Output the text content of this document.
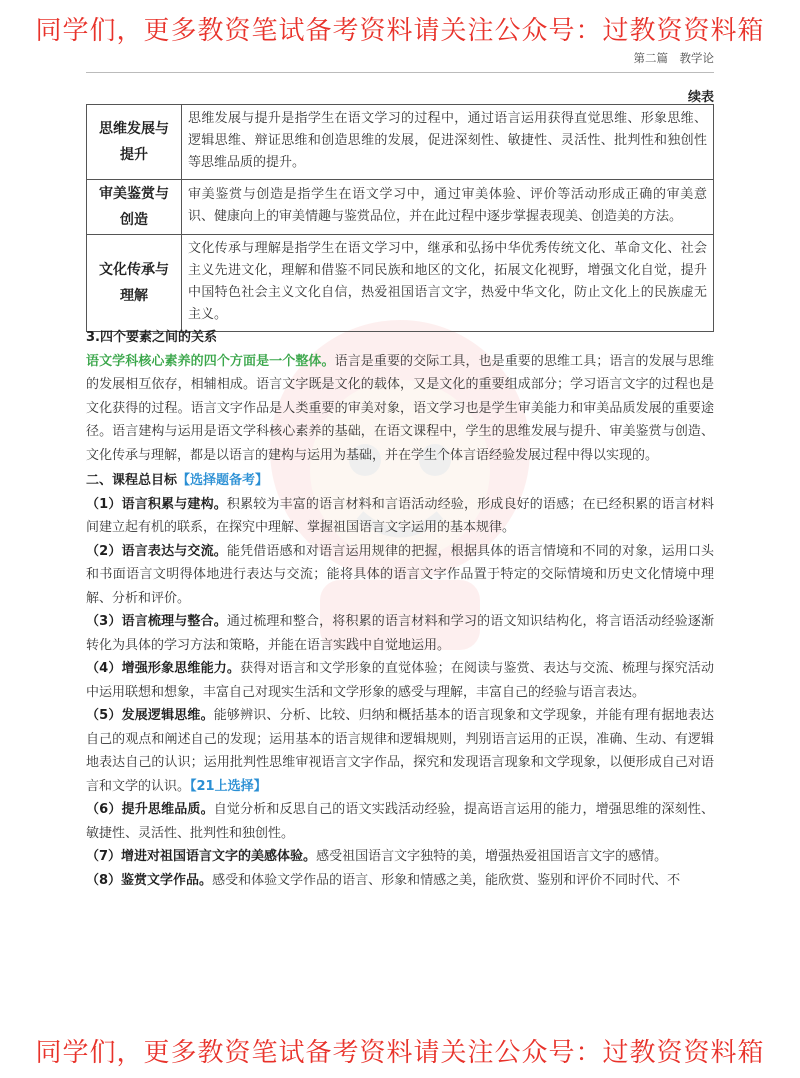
同学们，更多教资笔试备考资料请关注公众号：过教资资料箱
第二篇　教学论
续表
思维发展与
提升	思维发展与提升是指学生在语文学习的过程中，通过语言运用获得直觉思维、形象思维、逻辑思维、辩证思维和创造思维的发展，促进深刻性、敏捷性、灵活性、批判性和独创性等思维品质的提升。
审美鉴赏与
创造	审美鉴赏与创造是指学生在语文学习中，通过审美体验、评价等活动形成正确的审美意识、健康向上的审美情趣与鉴赏品位，并在此过程中逐步掌握表现美、创造美的方法。
文化传承与
理解	文化传承与理解是指学生在语文学习中，继承和弘扬中华优秀传统文化、革命文化、社会主义先进文化，理解和借鉴不同民族和地区的文化，拓展文化视野，增强文化自觉，提升中国特色社会主义文化自信，热爱祖国语言文字，热爱中华文化，防止文化上的民族虚无主义。

3.四个要素之间的关系

语文学科核心素养的四个方面是一个整体。语言是重要的交际工具，也是重要的思维工具；语言的发展与思维的发展相互依存，相辅相成。语言文字既是文化的载体，又是文化的重要组成部分；学习语言文字的过程也是文化获得的过程。语言文字作品是人类重要的审美对象，语文学习也是学生审美能力和审美品质发展的重要途径。语言建构与运用是语文学科核心素养的基础，在语文课程中，学生的思维发展与提升、审美鉴赏与创造、文化传承与理解，都是以语言的建构与运用为基础，并在学生个体言语经验发展过程中得以实现的。

二、课程总目标【选择题备考】

（1）语言积累与建构。积累较为丰富的语言材料和言语活动经验，形成良好的语感；在已经积累的语言材料间建立起有机的联系，在探究中理解、掌握祖国语言文字运用的基本规律。

（2）语言表达与交流。能凭借语感和对语言运用规律的把握，根据具体的语言情境和不同的对象，运用口头和书面语言文明得体地进行表达与交流；能将具体的语言文字作品置于特定的交际情境和历史文化情境中理解、分析和评价。

（3）语言梳理与整合。通过梳理和整合，将积累的语言材料和学习的语文知识结构化，将言语活动经验逐渐转化为具体的学习方法和策略，并能在语言实践中自觉地运用。

（4）增强形象思维能力。获得对语言和文学形象的直觉体验；在阅读与鉴赏、表达与交流、梳理与探究活动中运用联想和想象，丰富自己对现实生活和文学形象的感受与理解，丰富自己的经验与语言表达。

（5）发展逻辑思维。能够辨识、分析、比较、归纳和概括基本的语言现象和文学现象，并能有理有据地表达自己的观点和阐述自己的发现；运用基本的语言规律和逻辑规则，判别语言运用的正误，准确、生动、有逻辑地表达自己的认识；运用批判性思维审视语言文字作品，探究和发现语言现象和文学现象，以便形成自己对语言和文学的认识。【21上选择】

（6）提升思维品质。自觉分析和反思自己的语文实践活动经验，提高语言运用的能力，增强思维的深刻性、敏捷性、灵活性、批判性和独创性。

（7）增进对祖国语言文字的美感体验。感受祖国语言文字独特的美，增强热爱祖国语言文字的感情。

（8）鉴赏文学作品。感受和体验文学作品的语言、形象和情感之美，能欣赏、鉴别和评价不同时代、不

同学们，更多教资笔试备考资料请关注公众号：过教资资料箱
